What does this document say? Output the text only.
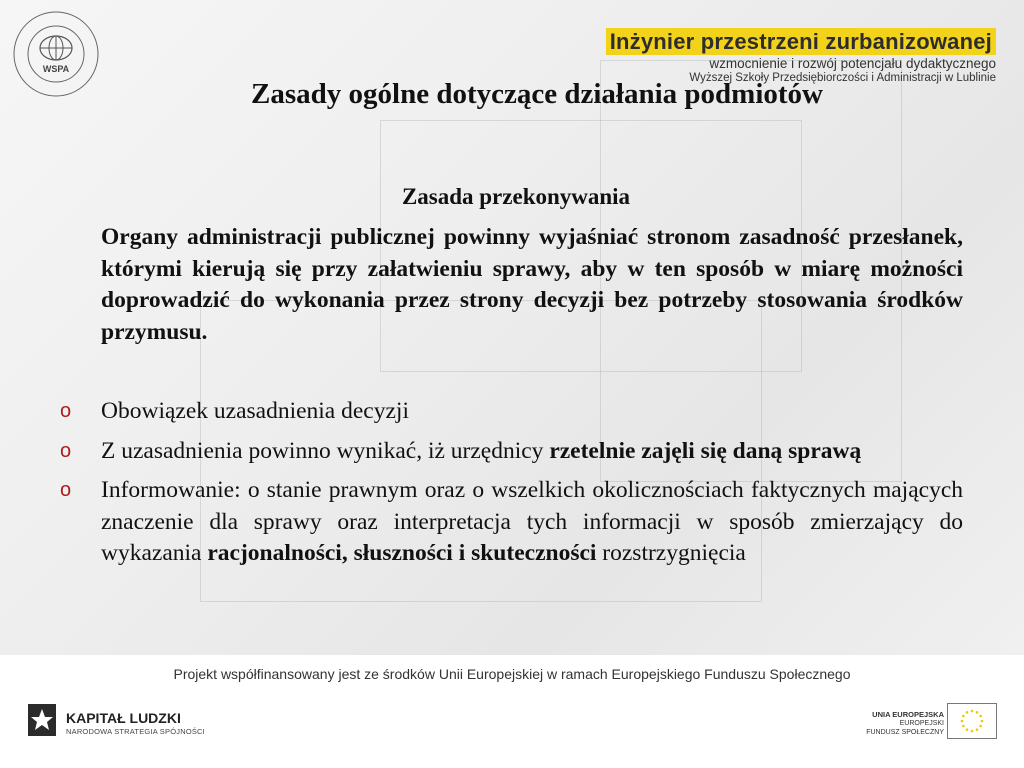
WSPA
Inżynier przestrzeni zurbanizowanej
wzmocnienie i rozwój potencjału dydaktycznego
Wyższej Szkoły Przedsiębiorczości i Administracji w Lublinie
Zasady ogólne dotyczące działania podmiotów
Zasada przekonywania
Organy administracji publicznej powinny wyjaśniać stronom zasadność przesłanek, którymi kierują się przy załatwieniu sprawy, aby w ten sposób w miarę możności doprowadzić do wykonania przez strony decyzji bez potrzeby stosowania środków przymusu.
o Obowiązek uzasadnienia decyzji
o Z uzasadnienia powinno wynikać, iż urzędnicy rzetelnie zajęli się daną sprawą
o Informowanie: o stanie prawnym oraz o wszelkich okolicznościach faktycznych mających znaczenie dla sprawy oraz interpretacja tych informacji w sposób zmierzający do wykazania racjonalności, słuszności i skuteczności rozstrzygnięcia
Projekt współfinansowany jest ze środków Unii Europejskiej w ramach Europejskiego Funduszu Społecznego
KAPITAŁ LUDZKI
NARODOWA STRATEGIA SPÓJNOŚCI
UNIA EUROPEJSKA
EUROPEJSKI
FUNDUSZ SPOŁECZNY
